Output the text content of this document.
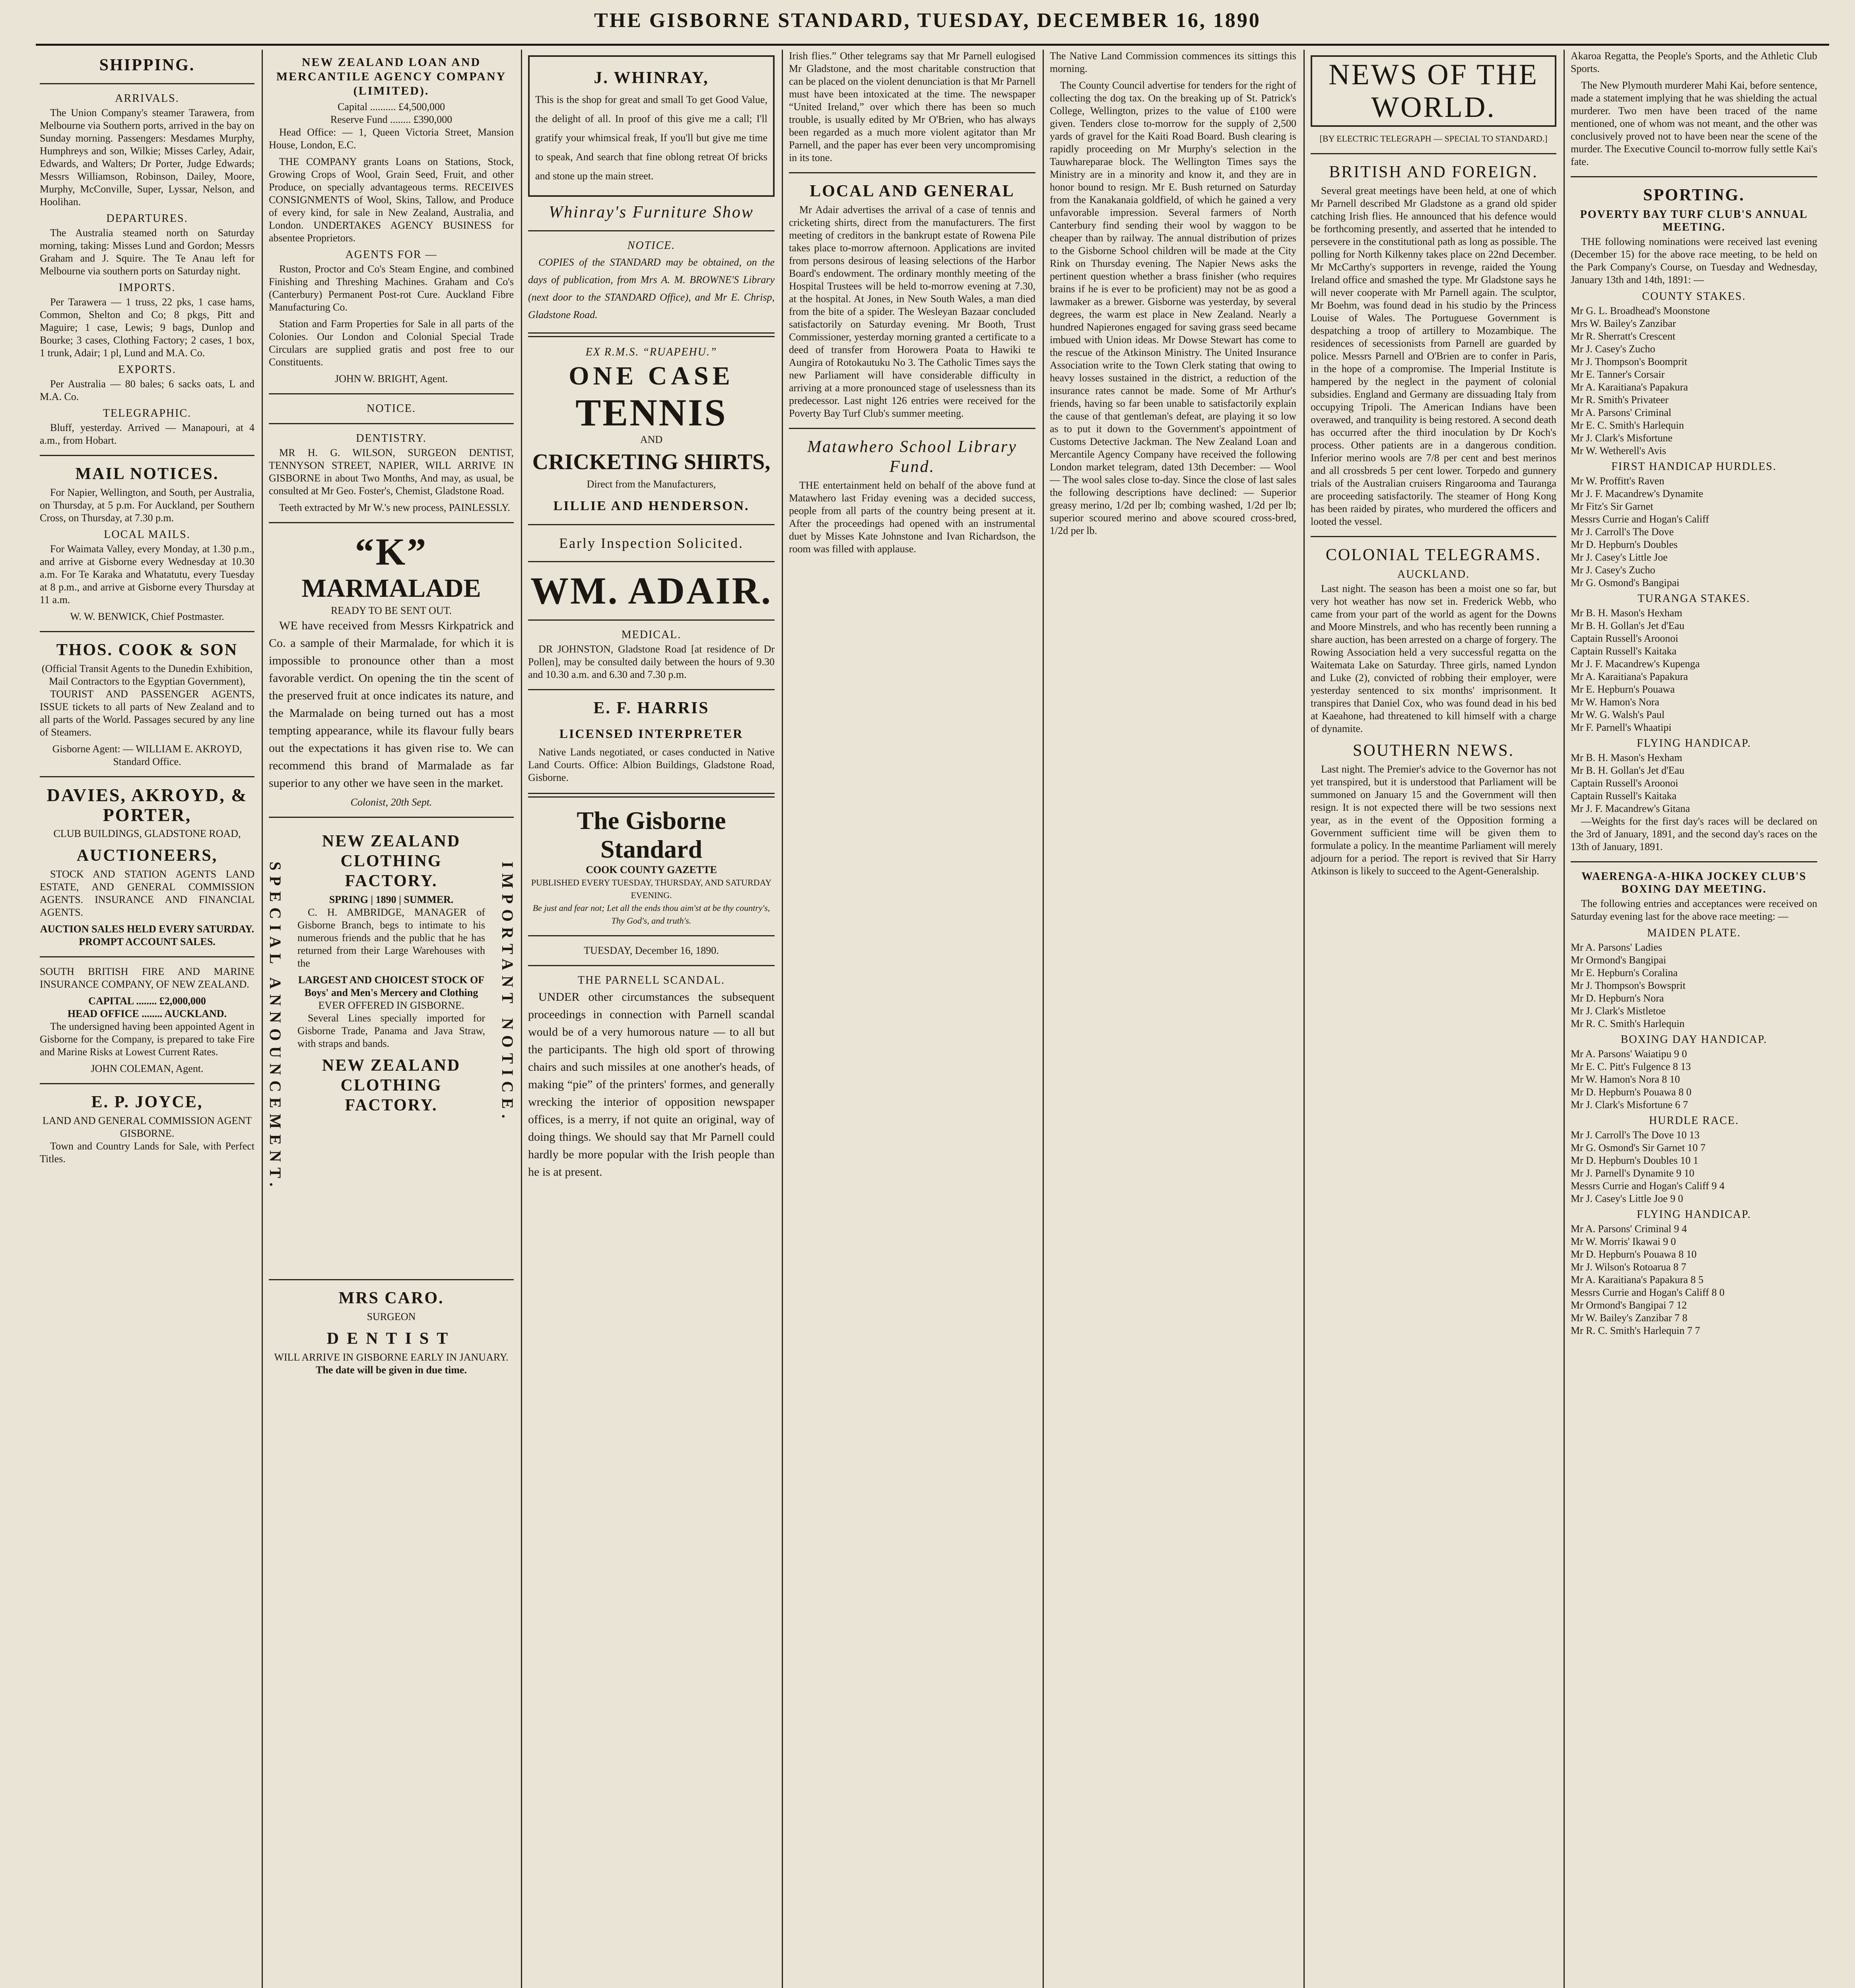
THE GISBORNE STANDARD, TUESDAY, DECEMBER 16, 1890
SHIPPING.
ARRIVALS.

The Union Company's steamer Tarawera, from Melbourne via Southern ports, arrived in the bay on Sunday morning. Passengers: Mesdames Murphy, Humphreys and son, Wilkie; Misses Carley, Adair, Edwards, and Walters; Dr Porter, Judge Edwards; Messrs Williamson, Robinson, Dailey, Moore, Murphy, McConville, Super, Lyssar, Nelson, and Hoolihan.

DEPARTURES.

The Australia steamed north on Saturday morning, taking: Misses Lund and Gordon; Messrs Graham and J. Squire. The Te Anau left for Melbourne via southern ports on Saturday night.

IMPORTS.

Per Tarawera — 1 truss, 22 pks, 1 case hams, Common, Shelton and Co; 8 pkgs, Pitt and Maguire; 1 case, Lewis; 9 bags, Dunlop and Bourke; 3 cases, Clothing Factory; 2 cases, 1 box, 1 trunk, Adair; 1 pl, Lund and M.A. Co.

EXPORTS.

Per Australia — 80 bales; 6 sacks oats, L and M.A. Co.

TELEGRAPHIC.

Bluff, yesterday. Arrived — Manapouri, at 4 a.m., from Hobart.

MAIL NOTICES.

For Napier, Wellington, and South, per Australia, on Thursday, at 5 p.m. For Auckland, per Southern Cross, on Thursday, at 7.30 p.m.

LOCAL MAILS.

For Waimata Valley, every Monday, at 1.30 p.m., and arrive at Gisborne every Wednesday at 10.30 a.m. For Te Karaka and Whatatutu, every Tuesday at 8 p.m., and arrive at Gisborne every Thursday at 11 a.m.

W. W. BENWICK, Chief Postmaster.
THOS. COOK & SON
(Official Transit Agents to the Dunedin Exhibition, Mail Contractors to the Egyptian Government),

TOURIST AND PASSENGER AGENTS, ISSUE tickets to all parts of New Zealand and to all parts of the World. Passages secured by any line of Steamers.

Gisborne Agent: — WILLIAM E. AKROYD, Standard Office.
DAVIES, AKROYD, & PORTER,
CLUB BUILDINGS, GLADSTONE ROAD,
AUCTIONEERS,

STOCK AND STATION AGENTS LAND ESTATE, AND GENERAL COMMISSION AGENTS. INSURANCE AND FINANCIAL AGENTS.

AUCTION SALES HELD EVERY SATURDAY.
PROMPT ACCOUNT SALES.

SOUTH BRITISH FIRE AND MARINE INSURANCE COMPANY, OF NEW ZEALAND.

CAPITAL ........ £2,000,000
HEAD OFFICE ........ AUCKLAND.

The undersigned having been appointed Agent in Gisborne for the Company, is prepared to take Fire and Marine Risks at Lowest Current Rates.

JOHN COLEMAN, Agent.
E. P. JOYCE,
LAND AND GENERAL COMMISSION AGENT GISBORNE.

Town and Country Lands for Sale, with Perfect Titles.

NEW ZEALAND LOAN AND MERCANTILE AGENCY COMPANY (LIMITED).
Capital .......... £4,500,000
Reserve Fund ........ £390,000

Head Office: — 1, Queen Victoria Street, Mansion House, London, E.C.

THE COMPANY grants Loans on Stations, Stock, Growing Crops of Wool, Grain Seed, Fruit, and other Produce, on specially advantageous terms. RECEIVES CONSIGNMENTS of Wool, Skins, Tallow, and Produce of every kind, for sale in New Zealand, Australia, and London. UNDERTAKES AGENCY BUSINESS for absentee Proprietors.

AGENTS FOR —

Ruston, Proctor and Co's Steam Engine, and combined Finishing and Threshing Machines. Graham and Co's (Canterbury) Permanent Post-rot Cure. Auckland Fibre Manufacturing Co.

Station and Farm Properties for Sale in all parts of the Colonies. Our London and Colonial Special Trade Circulars are supplied gratis and post free to our Constituents.

JOHN W. BRIGHT, Agent.
NOTICE.
DENTISTRY.

MR H. G. WILSON, SURGEON DENTIST, TENNYSON STREET, NAPIER, WILL ARRIVE IN GISBORNE in about Two Months, And may, as usual, be consulted at Mr Geo. Foster's, Chemist, Gladstone Road.

Teeth extracted by Mr W.'s new process, PAINLESSLY.

“K”
MARMALADE
READY TO BE SENT OUT.

WE have received from Messrs Kirkpatrick and Co. a sample of their Marmalade, for which it is impossible to pronounce other than a most favorable verdict. On opening the tin the scent of the preserved fruit at once indicates its nature, and the Marmalade on being turned out has a most tempting appearance, while its flavour fully bears out the expectations it has given rise to. We can recommend this brand of Marmalade as far superior to any other we have seen in the market.

Colonist, 20th Sept.
SPECIAL ANNOUNCEMENT.	IMPORTANT NOTICE.
NEW ZEALAND CLOTHING FACTORY.
SPRING | 1890 | SUMMER.

C. H. AMBRIDGE, MANAGER of Gisborne Branch, begs to intimate to his numerous friends and the public that he has returned from their Large Warehouses with the

LARGEST AND CHOICEST STOCK OF
Boys' and Men's Mercery and Clothing
EVER OFFERED IN GISBORNE.

Several Lines specially imported for Gisborne Trade, Panama and Java Straw, with straps and bands.

NEW ZEALAND CLOTHING FACTORY.
MRS CARO.
SURGEON
DENTIST
WILL ARRIVE IN GISBORNE EARLY IN JANUARY.
The date will be given in due time.
J. WHINRAY,

This is the shop for great and small To get Good Value, the delight of all. In proof of this give me a call; I'll gratify your whimsical freak, If you'll but give me time to speak, And search that fine oblong retreat Of bricks and stone up the main street.

Whinray's Furniture Show
NOTICE.

COPIES of the STANDARD may be obtained, on the days of publication, from Mrs A. M. BROWNE'S Library (next door to the STANDARD Office), and Mr E. Chrisp, Gladstone Road.

EX R.M.S. “RUAPEHU.”
ONE CASE
TENNIS
AND
CRICKETING SHIRTS,
Direct from the Manufacturers,
LILLIE AND HENDERSON.
Early Inspection Solicited.
WM. ADAIR.
MEDICAL.

DR JOHNSTON, Gladstone Road [at residence of Dr Pollen], may be consulted daily between the hours of 9.30 and 10.30 a.m. and 6.30 and 7.30 p.m.

E. F. HARRIS
LICENSED INTERPRETER

Native Lands negotiated, or cases conducted in Native Land Courts. Office: Albion Buildings, Gladstone Road, Gisborne.

The Gisborne Standard
COOK COUNTY GAZETTE
PUBLISHED EVERY TUESDAY, THURSDAY, AND SATURDAY EVENING.
Be just and fear not; Let all the ends thou aim'st at be thy country's, Thy God's, and truth's.
TUESDAY, December 16, 1890.
THE PARNELL SCANDAL.

UNDER other circumstances the subsequent proceedings in connection with Parnell scandal would be of a very humorous nature — to all but the participants. The high old sport of throwing chairs and such missiles at one another's heads, of making “pie” of the printers' formes, and generally wrecking the interior of opposition newspaper offices, is a merry, if not quite an original, way of doing things. We should say that Mr Parnell could hardly be more popular with the Irish people than he is at present.

Irish flies.” Other telegrams say that Mr Parnell eulogised Mr Gladstone, and the most charitable construction that can be placed on the violent denunciation is that Mr Parnell must have been intoxicated at the time. The newspaper “United Ireland,” over which there has been so much trouble, is usually edited by Mr O'Brien, who has always been regarded as a much more violent agitator than Mr Parnell, and the paper has ever been very uncompromising in its tone.

LOCAL AND GENERAL

Mr Adair advertises the arrival of a case of tennis and cricketing shirts, direct from the manufacturers. The first meeting of creditors in the bankrupt estate of Rowena Pile takes place to-morrow afternoon. Applications are invited from persons desirous of leasing selections of the Harbor Board's endowment. The ordinary monthly meeting of the Hospital Trustees will be held to-morrow evening at 7.30, at the hospital. At Jones, in New South Wales, a man died from the bite of a spider. The Wesleyan Bazaar concluded satisfactorily on Saturday evening. Mr Booth, Trust Commissioner, yesterday morning granted a certificate to a deed of transfer from Horowera Poata to Hawiki te Aungira of Rotokautuku No 3. The Catholic Times says the new Parliament will have considerable difficulty in arriving at a more pronounced stage of uselessness than its predecessor. Last night 126 entries were received for the Poverty Bay Turf Club's summer meeting.

Matawhero School Library Fund.

THE entertainment held on behalf of the above fund at Matawhero last Friday evening was a decided success, people from all parts of the country being present at it. After the proceedings had opened with an instrumental duet by Misses Kate Johnstone and Ivan Richardson, the room was filled with applause.

The Native Land Commission commences its sittings this morning.

The County Council advertise for tenders for the right of collecting the dog tax. On the breaking up of St. Patrick's College, Wellington, prizes to the value of £100 were given. Tenders close to-morrow for the supply of 2,500 yards of gravel for the Kaiti Road Board. Bush clearing is rapidly proceeding on Mr Murphy's selection in the Tauwhareparae block. The Wellington Times says the Ministry are in a minority and know it, and they are in honor bound to resign. Mr E. Bush returned on Saturday from the Kanakanaia goldfield, of which he gained a very unfavorable impression. Several farmers of North Canterbury find sending their wool by waggon to be cheaper than by railway. The annual distribution of prizes to the Gisborne School children will be made at the City Rink on Thursday evening. The Napier News asks the pertinent question whether a brass finisher (who requires brains if he is ever to be proficient) may not be as good a lawmaker as a brewer. Gisborne was yesterday, by several degrees, the warm est place in New Zealand. Nearly a hundred Napierones engaged for saving grass seed became imbued with Union ideas. Mr Dowse Stewart has come to the rescue of the Atkinson Ministry. The United Insurance Association write to the Town Clerk stating that owing to heavy losses sustained in the district, a reduction of the insurance rates cannot be made. Some of Mr Arthur's friends, having so far been unable to satisfactorily explain the cause of that gentleman's defeat, are playing it so low as to put it down to the Government's appointment of Customs Detective Jackman. The New Zealand Loan and Mercantile Agency Company have received the following London market telegram, dated 13th December: — Wool — The wool sales close to-day. Since the close of last sales the following descriptions have declined: — Superior greasy merino, 1/2d per lb; combing washed, 1/2d per lb; superior scoured merino and above scoured cross-bred, 1/2d per lb.

NEWS OF THE WORLD.
[BY ELECTRIC TELEGRAPH — SPECIAL TO STANDARD.]
BRITISH AND FOREIGN.

Several great meetings have been held, at one of which Mr Parnell described Mr Gladstone as a grand old spider catching Irish flies. He announced that his defence would be forthcoming presently, and asserted that he intended to persevere in the constitutional path as long as possible. The polling for North Kilkenny takes place on 22nd December. Mr McCarthy's supporters in revenge, raided the Young Ireland office and smashed the type. Mr Gladstone says he will never cooperate with Mr Parnell again. The sculptor, Mr Boehm, was found dead in his studio by the Princess Louise of Wales. The Portuguese Government is despatching a troop of artillery to Mozambique. The residences of secessionists from Parnell are guarded by police. Messrs Parnell and O'Brien are to confer in Paris, in the hope of a compromise. The Imperial Institute is hampered by the neglect in the payment of colonial subsidies. England and Germany are dissuading Italy from occupying Tripoli. The American Indians have been overawed, and tranquility is being restored. A second death has occurred after the third inoculation by Dr Koch's process. Other patients are in a dangerous condition. Inferior merino wools are 7/8 per cent and best merinos and all crossbreds 5 per cent lower. Torpedo and gunnery trials of the Australian cruisers Ringarooma and Tauranga are proceeding satisfactorily. The steamer of Hong Kong has been raided by pirates, who murdered the officers and looted the vessel.

COLONIAL TELEGRAMS.
AUCKLAND.

Last night. The season has been a moist one so far, but very hot weather has now set in. Frederick Webb, who came from your part of the world as agent for the Downs and Moore Minstrels, and who has recently been running a share auction, has been arrested on a charge of forgery. The Rowing Association held a very successful regatta on the Waitemata Lake on Saturday. Three girls, named Lyndon and Luke (2), convicted of robbing their employer, were yesterday sentenced to six months' imprisonment. It transpires that Daniel Cox, who was found dead in his bed at Kaeahone, had threatened to kill himself with a charge of dynamite.

SOUTHERN NEWS.

Last night. The Premier's advice to the Governor has not yet transpired, but it is understood that Parliament will be summoned on January 15 and the Government will then resign. It is not expected there will be two sessions next year, as in the event of the Opposition forming a Government sufficient time will be given them to formulate a policy. In the meantime Parliament will merely adjourn for a period. The report is revived that Sir Harry Atkinson is likely to succeed to the Agent-Generalship.

Akaroa Regatta, the People's Sports, and the Athletic Club Sports.

The New Plymouth murderer Mahi Kai, before sentence, made a statement implying that he was shielding the actual murderer. Two men have been traced of the name mentioned, one of whom was not meant, and the other was conclusively proved not to have been near the scene of the murder. The Executive Council to-morrow fully settle Kai's fate.

SPORTING.
POVERTY BAY TURF CLUB'S ANNUAL MEETING.

THE following nominations were received last evening (December 15) for the above race meeting, to be held on the Park Company's Course, on Tuesday and Wednesday, January 13th and 14th, 1891: —

COUNTY STAKES.
Mr G. L. Broadhead's Moonstone
Mrs W. Bailey's Zanzibar
Mr R. Sherratt's Crescent
Mr J. Casey's Zucho
Mr J. Thompson's Boomprit
Mr E. Tanner's Corsair
Mr A. Karaitiana's Papakura
Mr R. Smith's Privateer
Mr A. Parsons' Criminal
Mr E. C. Smith's Harlequin
Mr J. Clark's Misfortune
Mr W. Wetherell's Avis
FIRST HANDICAP HURDLES.
Mr W. Proffitt's Raven
Mr J. F. Macandrew's Dynamite
Mr Fitz's Sir Garnet
Messrs Currie and Hogan's Califf
Mr J. Carroll's The Dove
Mr D. Hepburn's Doubles
Mr J. Casey's Little Joe
Mr J. Casey's Zucho
Mr G. Osmond's Bangipai
TURANGA STAKES.
Mr B. H. Mason's Hexham
Mr B. H. Gollan's Jet d'Eau
Captain Russell's Aroonoi
Captain Russell's Kaitaka
Mr J. F. Macandrew's Kupenga
Mr A. Karaitiana's Papakura
Mr E. Hepburn's Pouawa
Mr W. Hamon's Nora
Mr W. G. Walsh's Paul
Mr F. Parnell's Whaatipi
FLYING HANDICAP.
Mr B. H. Mason's Hexham
Mr B. H. Gollan's Jet d'Eau
Captain Russell's Aroonoi
Captain Russell's Kaitaka
Mr J. F. Macandrew's Gitana

—Weights for the first day's races will be declared on the 3rd of January, 1891, and the second day's races on the 13th of January, 1891.

WAERENGA-A-HIKA JOCKEY CLUB'S BOXING DAY MEETING.

The following entries and acceptances were received on Saturday evening last for the above race meeting: —

MAIDEN PLATE.
Mr A. Parsons' Ladies
Mr Ormond's Bangipai
Mr E. Hepburn's Coralina
Mr J. Thompson's Bowsprit
Mr D. Hepburn's Nora
Mr J. Clark's Mistletoe
Mr R. C. Smith's Harlequin
BOXING DAY HANDICAP.
Mr A. Parsons' Waiatipu 9 0
Mr E. C. Pitt's Fulgence 8 13
Mr W. Hamon's Nora 8 10
Mr D. Hepburn's Pouawa 8 0
Mr J. Clark's Misfortune 6 7
HURDLE RACE.
Mr J. Carroll's The Dove 10 13
Mr G. Osmond's Sir Garnet 10 7
Mr D. Hepburn's Doubles 10 1
Mr J. Parnell's Dynamite 9 10
Messrs Currie and Hogan's Califf 9 4
Mr J. Casey's Little Joe 9 0
FLYING HANDICAP.
Mr A. Parsons' Criminal 9 4
Mr W. Morris' Ikawai 9 0
Mr D. Hepburn's Pouawa 8 10
Mr J. Wilson's Rotoarua 8 7
Mr A. Karaitiana's Papakura 8 5
Messrs Currie and Hogan's Califf 8 0
Mr Ormond's Bangipai 7 12
Mr W. Bailey's Zanzibar 7 8
Mr R. C. Smith's Harlequin 7 7
